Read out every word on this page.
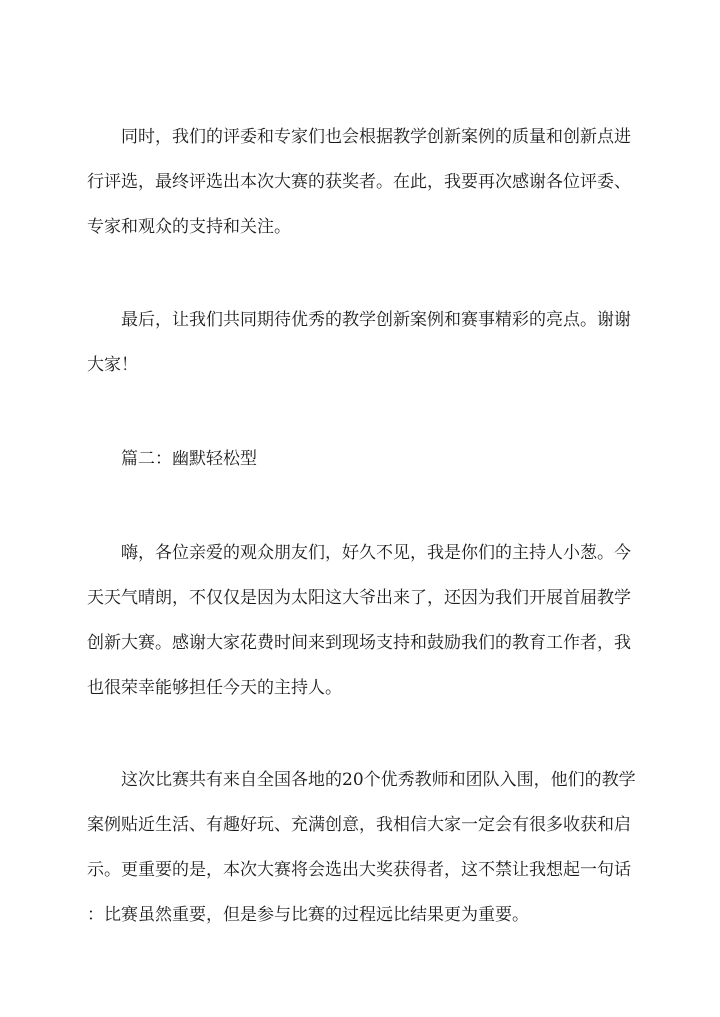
同时，我们的评委和专家们也会根据教学创新案例的质量和创新点进
行评选，最终评选出本次大赛的获奖者。在此，我要再次感谢各位评委、
专家和观众的支持和关注。
最后，让我们共同期待优秀的教学创新案例和赛事精彩的亮点。谢谢
大家！
篇二：幽默轻松型
嗨，各位亲爱的观众朋友们，好久不见，我是你们的主持人小葱。今
天天气晴朗，不仅仅是因为太阳这大爷出来了，还因为我们开展首届教学
创新大赛。感谢大家花费时间来到现场支持和鼓励我们的教育工作者，我
也很荣幸能够担任今天的主持人。
这次比赛共有来自全国各地的20个优秀教师和团队入围，他们的教学
案例贴近生活、有趣好玩、充满创意，我相信大家一定会有很多收获和启
示。更重要的是，本次大赛将会选出大奖获得者，这不禁让我想起一句话
：比赛虽然重要，但是参与比赛的过程远比结果更为重要。
